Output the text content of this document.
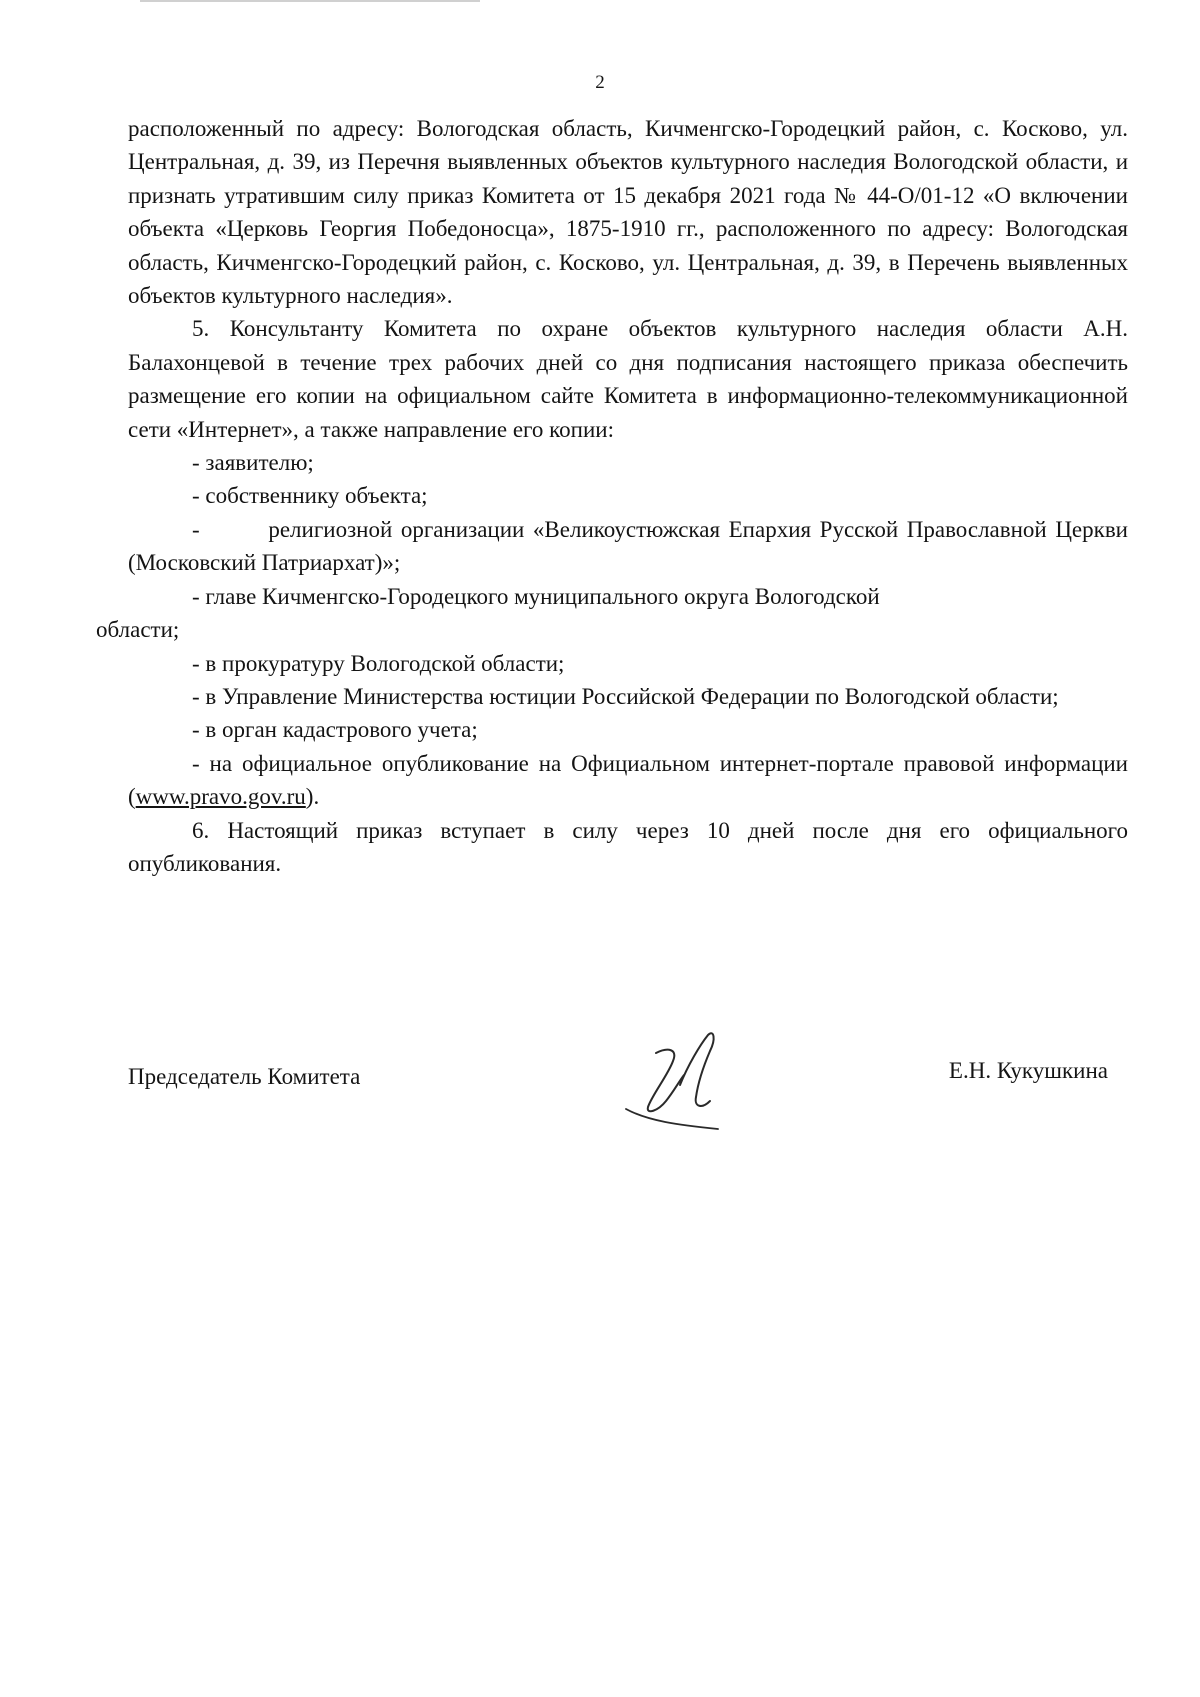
2

расположенный по адресу: Вологодская область, Кичменгско-Городецкий район, с. Косково, ул. Центральная, д. 39, из Перечня выявленных объектов культурного наследия Вологодской области, и признать утратившим силу приказ Комитета от 15 декабря 2021 года № 44-О/01-12 «О включении объекта «Церковь Георгия Победоносца», 1875-1910 гг., расположенного по адресу: Вологодская область, Кичменгско-Городецкий район, с. Косково, ул. Центральная, д. 39, в Перечень выявленных объектов культурного наследия».

5. Консультанту Комитета по охране объектов культурного наследия области А.Н. Балахонцевой в течение трех рабочих дней со дня подписания настоящего приказа обеспечить размещение его копии на официальном сайте Комитета в информационно-телекоммуникационной сети «Интернет», а также направление его копии:

- заявителю;

- собственнику объекта;

-        религиозной организации «Великоустюжская Епархия Русской Православной Церкви (Московский Патриархат)»;

- главе Кичменгско-Городецкого муниципального округа Вологодской

области;

- в прокуратуру Вологодской области;

- в Управление Министерства юстиции Российской Федерации по Вологодской области;

- в орган кадастрового учета;

- на официальное опубликование на Официальном интернет-портале правовой информации (www.pravo.gov.ru).

6. Настоящий приказ вступает в силу через 10 дней после дня его официального опубликования.

Председатель Комитета	Е.Н. Кукушкина
